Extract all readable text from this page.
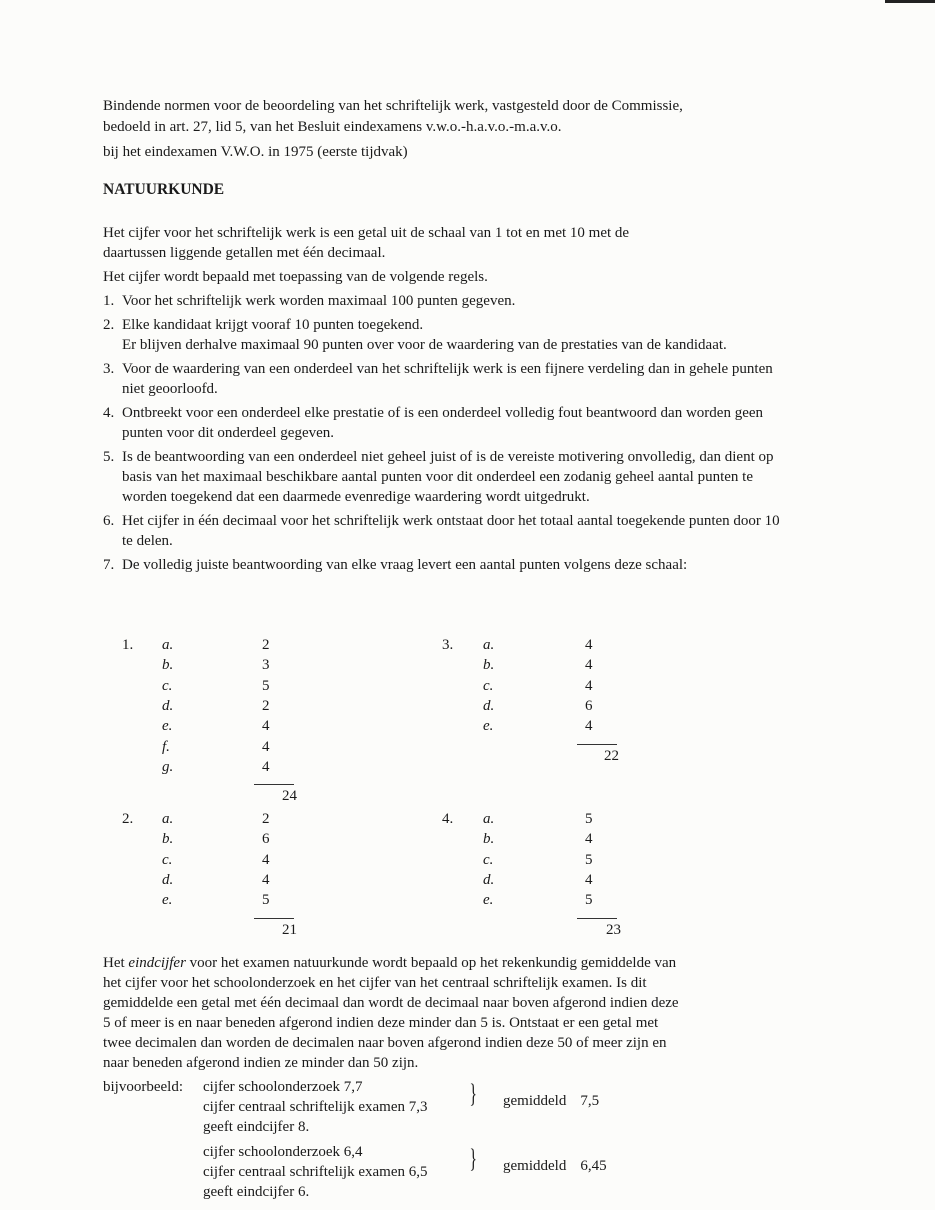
Bindende normen voor de beoordeling van het schriftelijk werk, vastgesteld door de Commissie,

bedoeld in art. 27, lid 5, van het Besluit eindexamens v.w.o.-h.a.v.o.-m.a.v.o.

bij het eindexamen V.W.O. in 1975 (eerste tijdvak)

NATUURKUNDE

Het cijfer voor het schriftelijk werk is een getal uit de schaal van 1 tot en met 10 met de
daartussen liggende getallen met één decimaal.

Het cijfer wordt bepaald met toepassing van de volgende regels.

1. Voor het schriftelijk werk worden maximaal 100 punten gegeven.
2. Elke kandidaat krijgt vooraf 10 punten toegekend.
Er blijven derhalve maximaal 90 punten over voor de waardering van de prestaties van de kandidaat.
3. Voor de waardering van een onderdeel van het schriftelijk werk is een fijnere verdeling dan in gehele punten niet geoorloofd.
4. Ontbreekt voor een onderdeel elke prestatie of is een onderdeel volledig fout beantwoord dan worden geen punten voor dit onderdeel gegeven.
5. Is de beantwoording van een onderdeel niet geheel juist of is de vereiste motivering onvolledig, dan dient op basis van het maximaal beschikbare aantal punten voor dit onderdeel een zodanig geheel aantal punten te worden toegekend dat een daarmede evenredige waardering wordt uitgedrukt.
6. Het cijfer in één decimaal voor het schriftelijk werk ontstaat door het totaal aantal toegekende punten door 10 te delen.
7. De volledig juiste beantwoording van elke vraag levert een aantal punten volgens deze schaal:
1. a.	2
b.	3
c.	5
d.	2
e.	4
f.	4
g.	4
24
2. a.	2
b.	6
c.	4
d.	4
e.	5
21
3. a.	4
b.	4
c.	4
d.	6
e.	4
22
4. a.	5
b.	4
c.	5
d.	4
e.	5
23

Het eindcijfer voor het examen natuurkunde wordt bepaald op het rekenkundig gemiddelde van

het cijfer voor het schoolonderzoek en het cijfer van het centraal schriftelijk examen. Is dit

gemiddelde een getal met één decimaal dan wordt de decimaal naar boven afgerond indien deze

5 of meer is en naar beneden afgerond indien deze minder dan 5 is. Ontstaat er een getal met

twee decimalen dan worden de decimalen naar boven afgerond indien deze 50 of meer zijn en

naar beneden afgerond indien ze minder dan 50 zijn.

bijvoorbeeld: cijfer schoolonderzoek 7,7
cijfer centraal schriftelijk examen 7,3
geeft eindcijfer 8.
} gemiddeld 7,5
cijfer schoolonderzoek 6,4
cijfer centraal schriftelijk examen 6,5
geeft eindcijfer 6.
} gemiddeld 6,45
